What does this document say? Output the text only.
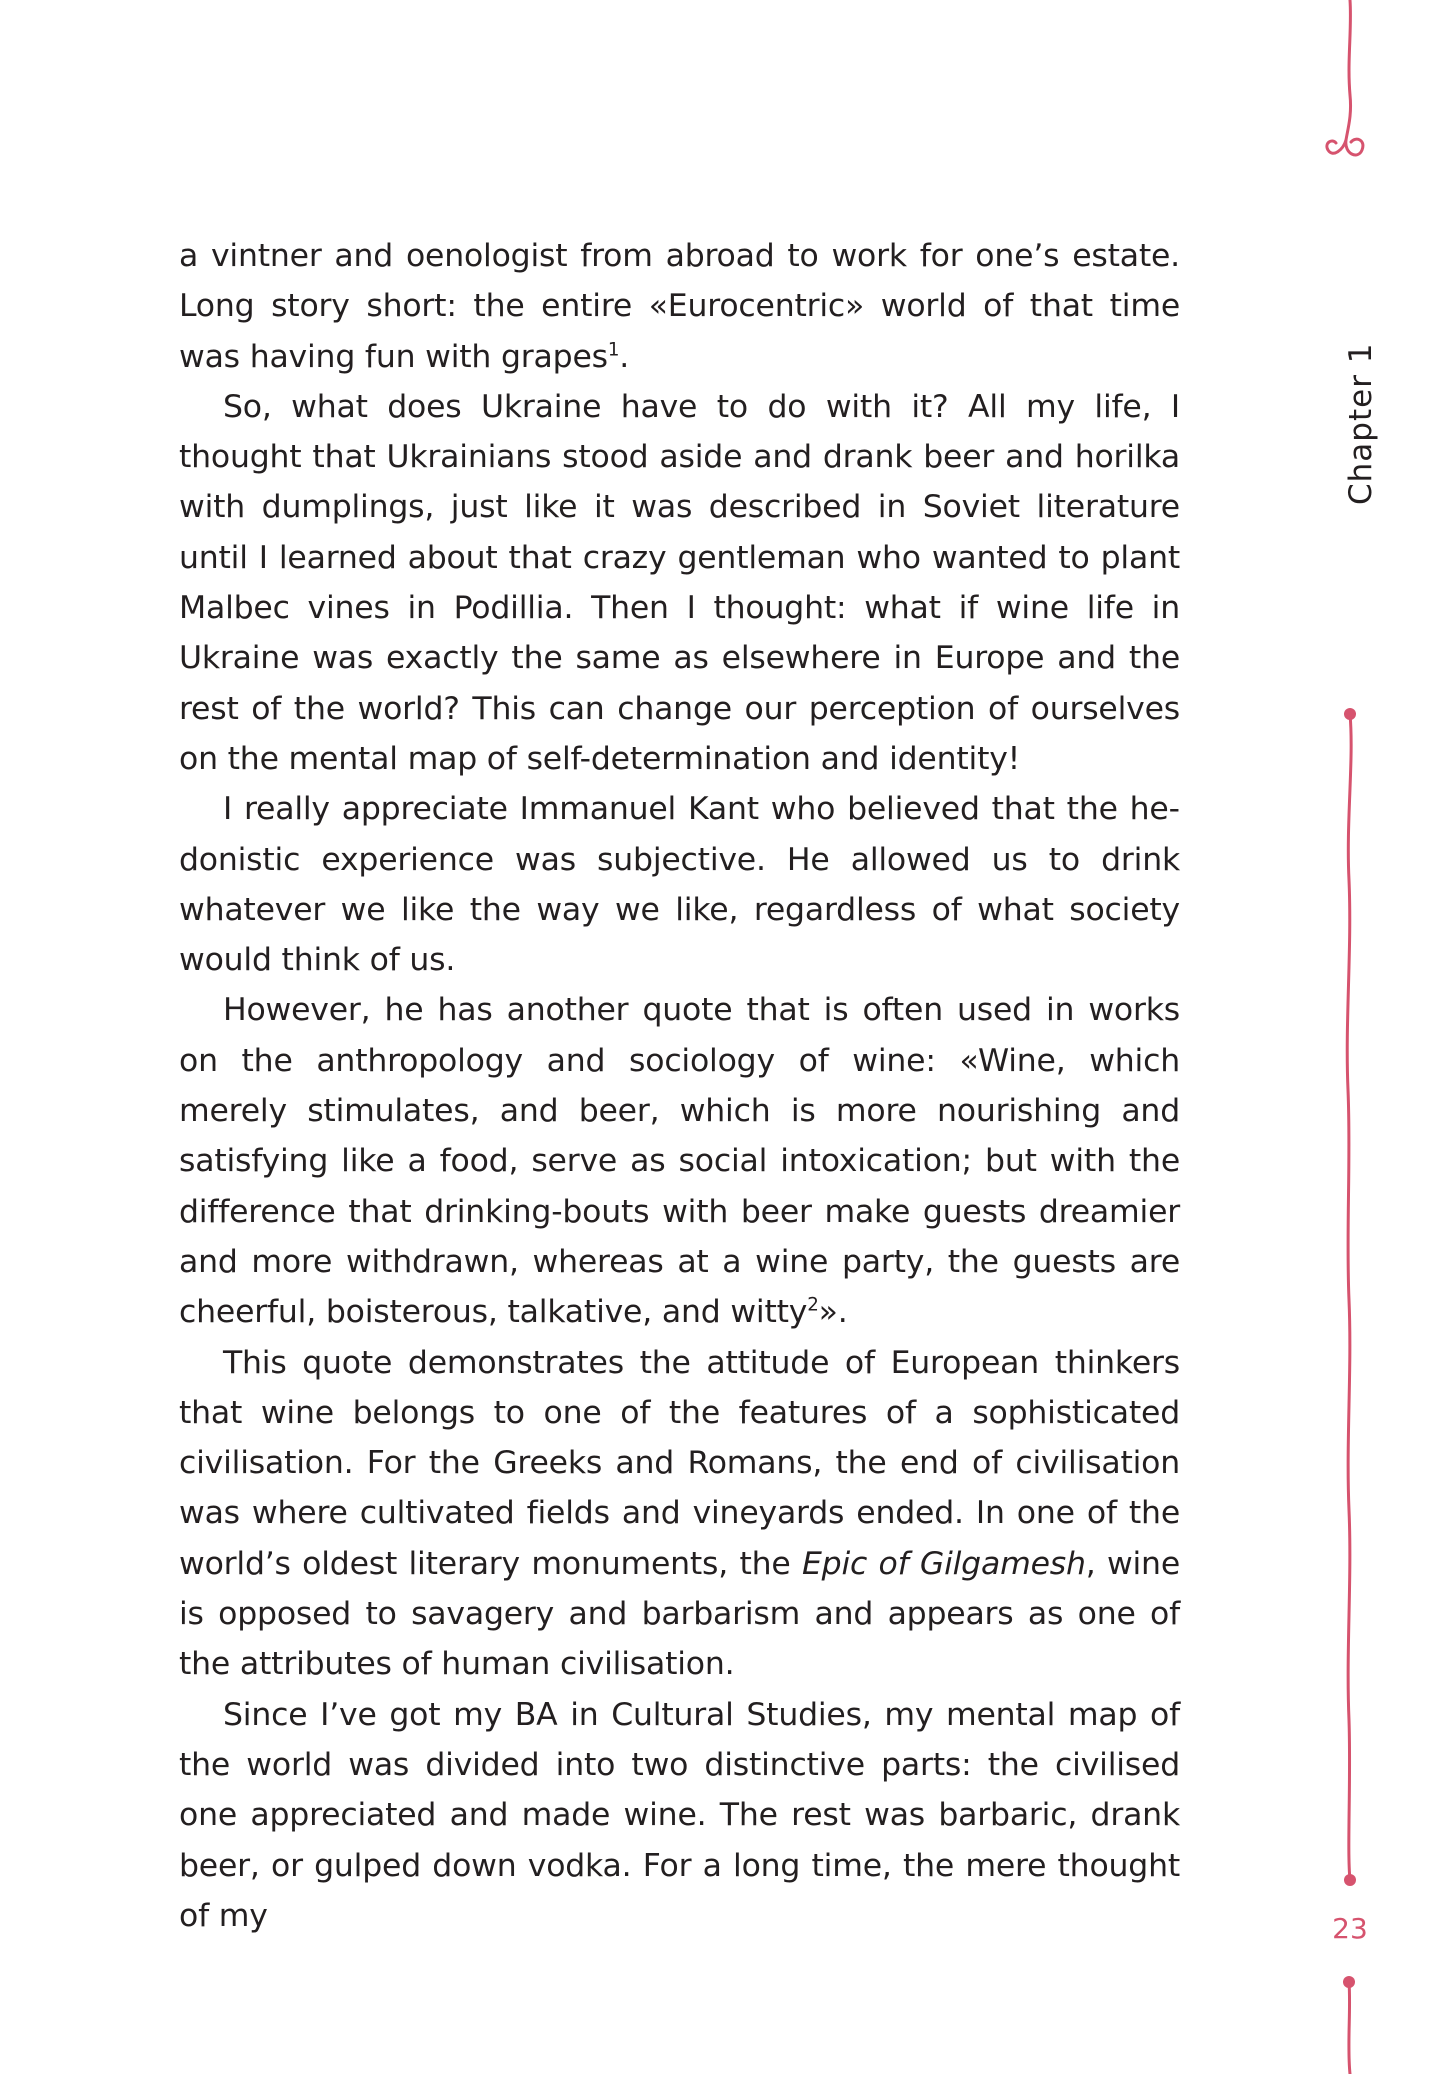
Chapter 1
23

a vintner and oenologist from abroad to work for one’s estate. Long story short: the entire «Eurocentric» world of that time was having fun with grapes$^1$.

So, what does Ukraine have to do with it? All my life, I thought that Ukrainians stood aside and drank beer and horilka with dumplings, just like it was described in Soviet literature until I learned about that crazy gentleman who wanted to plant Malbec vines in Podillia. Then I thought: what if wine life in Ukraine was exactly the same as elsewhere in Europe and the rest of the world? This can change our perception of ourselves on the mental map of self-determination and identity!

I really appreciate Immanuel Kant who believed that the hedonistic experience was subjective. He allowed us to drink whatever we like the way we like, regardless of what society would think of us.

However, he has another quote that is often used in works on the anthropology and sociology of wine: «Wine, which merely stimulates, and beer, which is more nourishing and satisfying like a food, serve as social intoxication; but with the difference that drinking-bouts with beer make guests dreamier and more withdrawn, whereas at a wine party, the guests are cheerful, boisterous, talkative, and witty$^2$».

This quote demonstrates the attitude of European thinkers that wine belongs to one of the features of a sophisticated civilisation. For the Greeks and Romans, the end of civilisation was where cultivated fields and vineyards ended. In one of the world’s oldest literary monuments, the Epic of Gilgamesh, wine is opposed to savagery and barbarism and appears as one of the attributes of human civilisation.

Since I’ve got my BA in Cultural Studies, my mental map of the world was divided into two distinctive parts: the civilised one appreciated and made wine. The rest was barbaric, drank beer, or gulped down vodka. For a long time, the mere thought of my
